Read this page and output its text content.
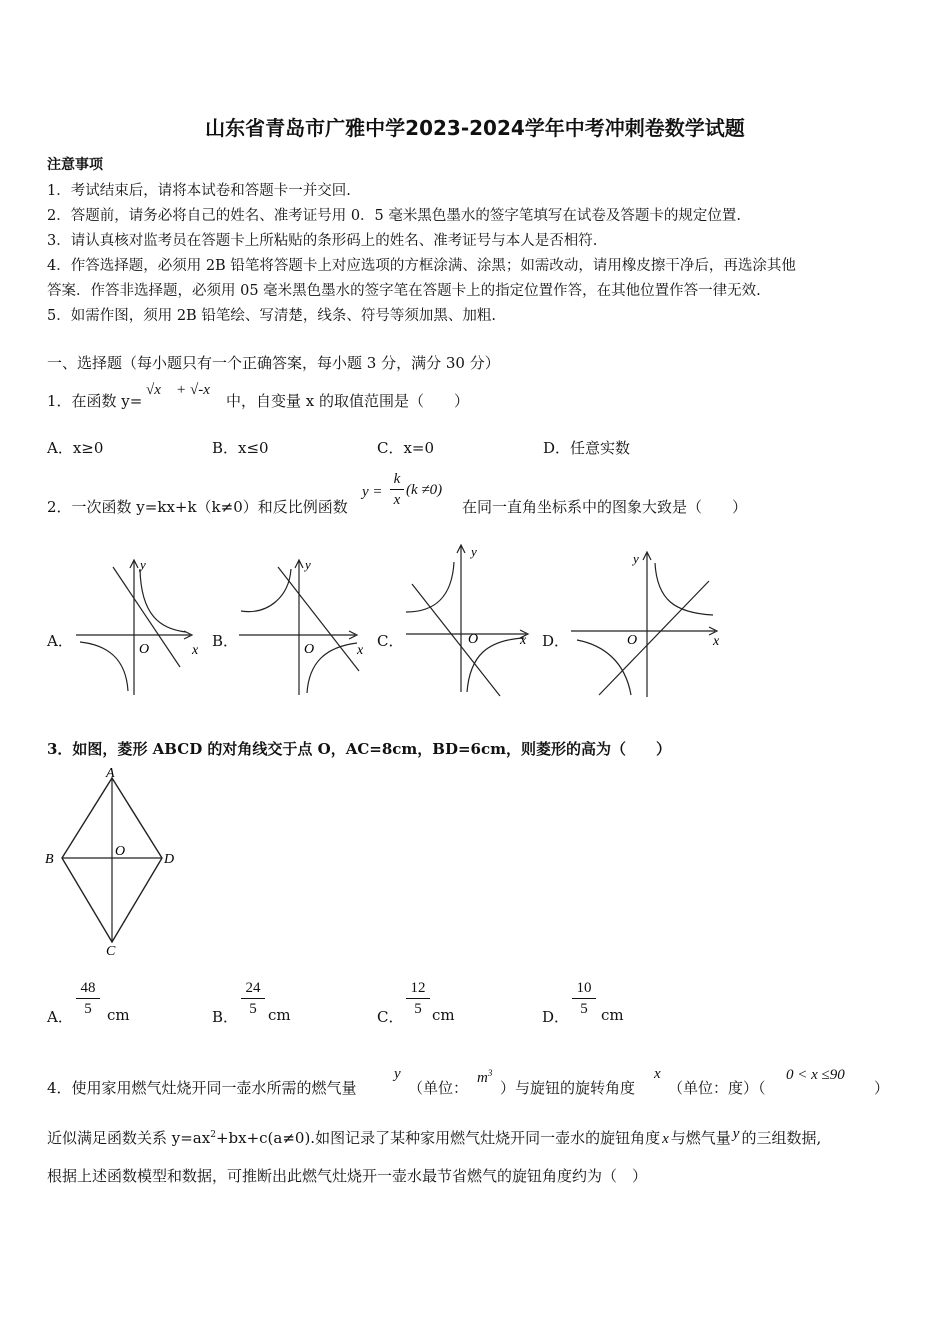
山东省青岛市广雅中学2023-2024学年中考冲刺卷数学试题
注意事项
1．考试结束后，请将本试卷和答题卡一并交回.
2．答题前，请务必将自己的姓名、准考证号用 0．5 毫米黑色墨水的签字笔填写在试卷及答题卡的规定位置.
3．请认真核对监考员在答题卡上所粘贴的条形码上的姓名、准考证号与本人是否相符.
4．作答选择题，必须用 2B 铅笔将答题卡上对应选项的方框涂满、涂黑；如需改动，请用橡皮擦干净后，再选涂其他
答案．作答非选择题，必须用 05 毫米黑色墨水的签字笔在答题卡上的指定位置作答，在其他位置作答一律无效.
5．如需作图，须用 2B 铅笔绘、写清楚，线条、符号等须加黑、加粗.
一、选择题（每小题只有一个正确答案，每小题 3 分，满分 30 分）
1．在函数 y=
√x + √-x
中，自变量 x 的取值范围是（　　）
A．x≥0	B．x≤0	C．x=0	D．任意实数
2．一次函数 y=kx+k（k≠0）和反比例函数
$y = \frac{k}{x} (k \ne 0)$
在同一直角坐标系中的图象大致是（　　）
A．	B．	C．	D．
y
x
O
y
x
O
y
x
O
y
x
O
3．如图，菱形 ABCD 的对角线交于点 O，AC=8cm，BD=6cm，则菱形的高为（　　）
A
B	D
C
O
A． $\frac{48}{5}$ cm	B． $\frac{24}{5}$ cm	C． $\frac{12}{5}$ cm	D． $\frac{10}{5}$ cm
4．使用家用燃气灶烧开同一壶水所需的燃气量
y
（单位：
$m^3$
）与旋钮的旋转角度
x
（单位：度）（
0 < x ≤90
）
近似满足函数关系 $y=ax^2+bx+c(a\ne 0)$.如图记录了某种家用燃气灶烧开同一壶水的旋钮角度 x 与燃气量 y 的三组数据,
根据上述函数模型和数据，可推断出此燃气灶烧开一壶水最节省燃气的旋钮角度约为（　）
